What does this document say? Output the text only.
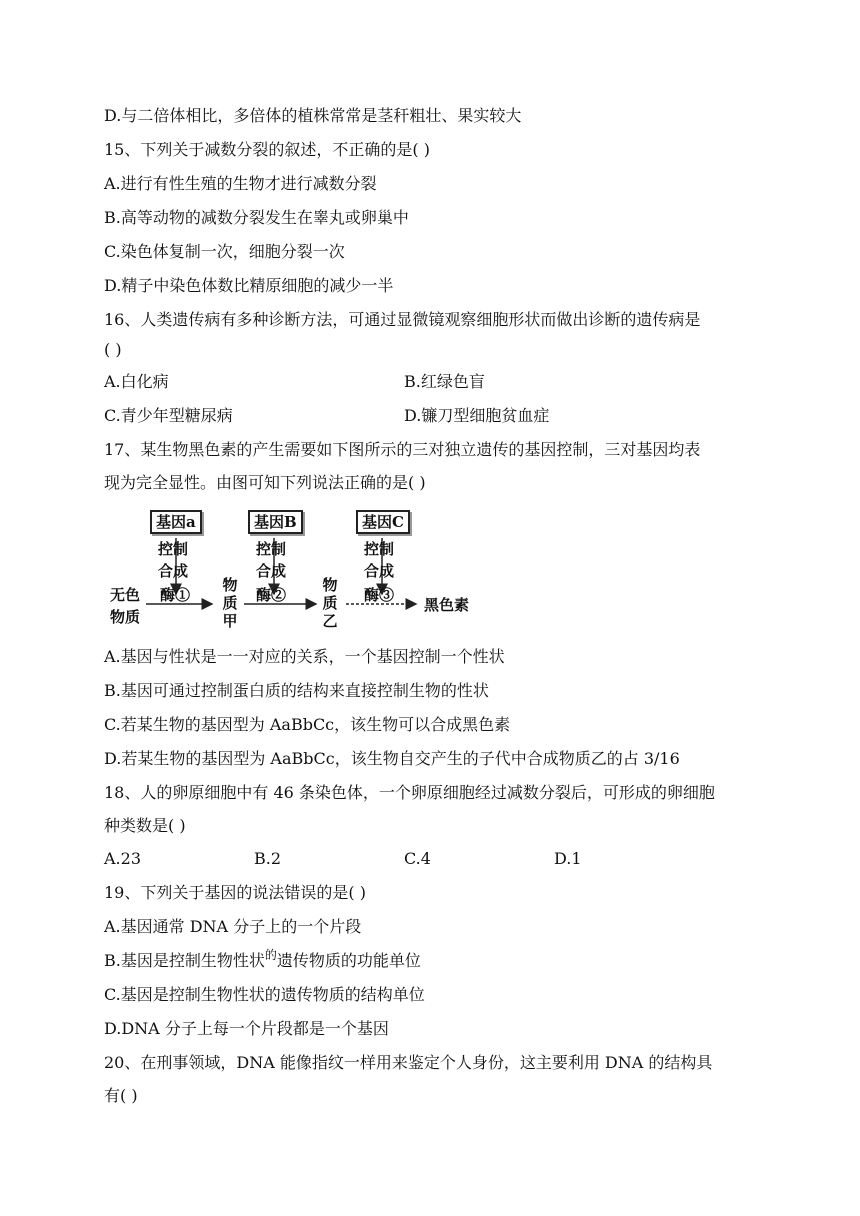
D.与二倍体相比，多倍体的植株常常是茎秆粗壮、果实较大
15、下列关于减数分裂的叙述，不正确的是( )
A.进行有性生殖的生物才进行减数分裂
B.高等动物的减数分裂发生在睾丸或卵巢中
C.染色体复制一次，细胞分裂一次
D.精子中染色体数比精原细胞的减少一半
16、人类遗传病有多种诊断方法，可通过显微镜观察细胞形状而做出诊断的遗传病是
( )
A.白化病	B.红绿色盲
C.青少年型糖尿病	D.镰刀型细胞贫血症
17、某生物黑色素的产生需要如下图所示的三对独立遗传的基因控制，三对基因均表
现为完全显性。由图可知下列说法正确的是( )
基因a	基因B	基因C
控制
合成
酶①
控制
合成
酶②
控制
合成
酶③
无色
物质
物
质
甲
物
质
乙
黑色素
A.基因与性状是一一对应的关系，一个基因控制一个性状
B.基因可通过控制蛋白质的结构来直接控制生物的性状
C.若某生物的基因型为 AaBbCc，该生物可以合成黑色素
D.若某生物的基因型为 AaBbCc，该生物自交产生的子代中合成物质乙的占 3/16
18、人的卵原细胞中有 46 条染色体，一个卵原细胞经过减数分裂后，可形成的卵细胞
种类数是( )
A.23	B.2	C.4	D.1
19、下列关于基因的说法错误的是( )
A.基因通常 DNA 分子上的一个片段
B.基因是控制生物性状$^的$遗传物质的功能单位
C.基因是控制生物性状的遗传物质的结构单位
D.DNA 分子上每一个片段都是一个基因
20、在刑事领域，DNA 能像指纹一样用来鉴定个人身份，这主要利用 DNA 的结构具
有( )
